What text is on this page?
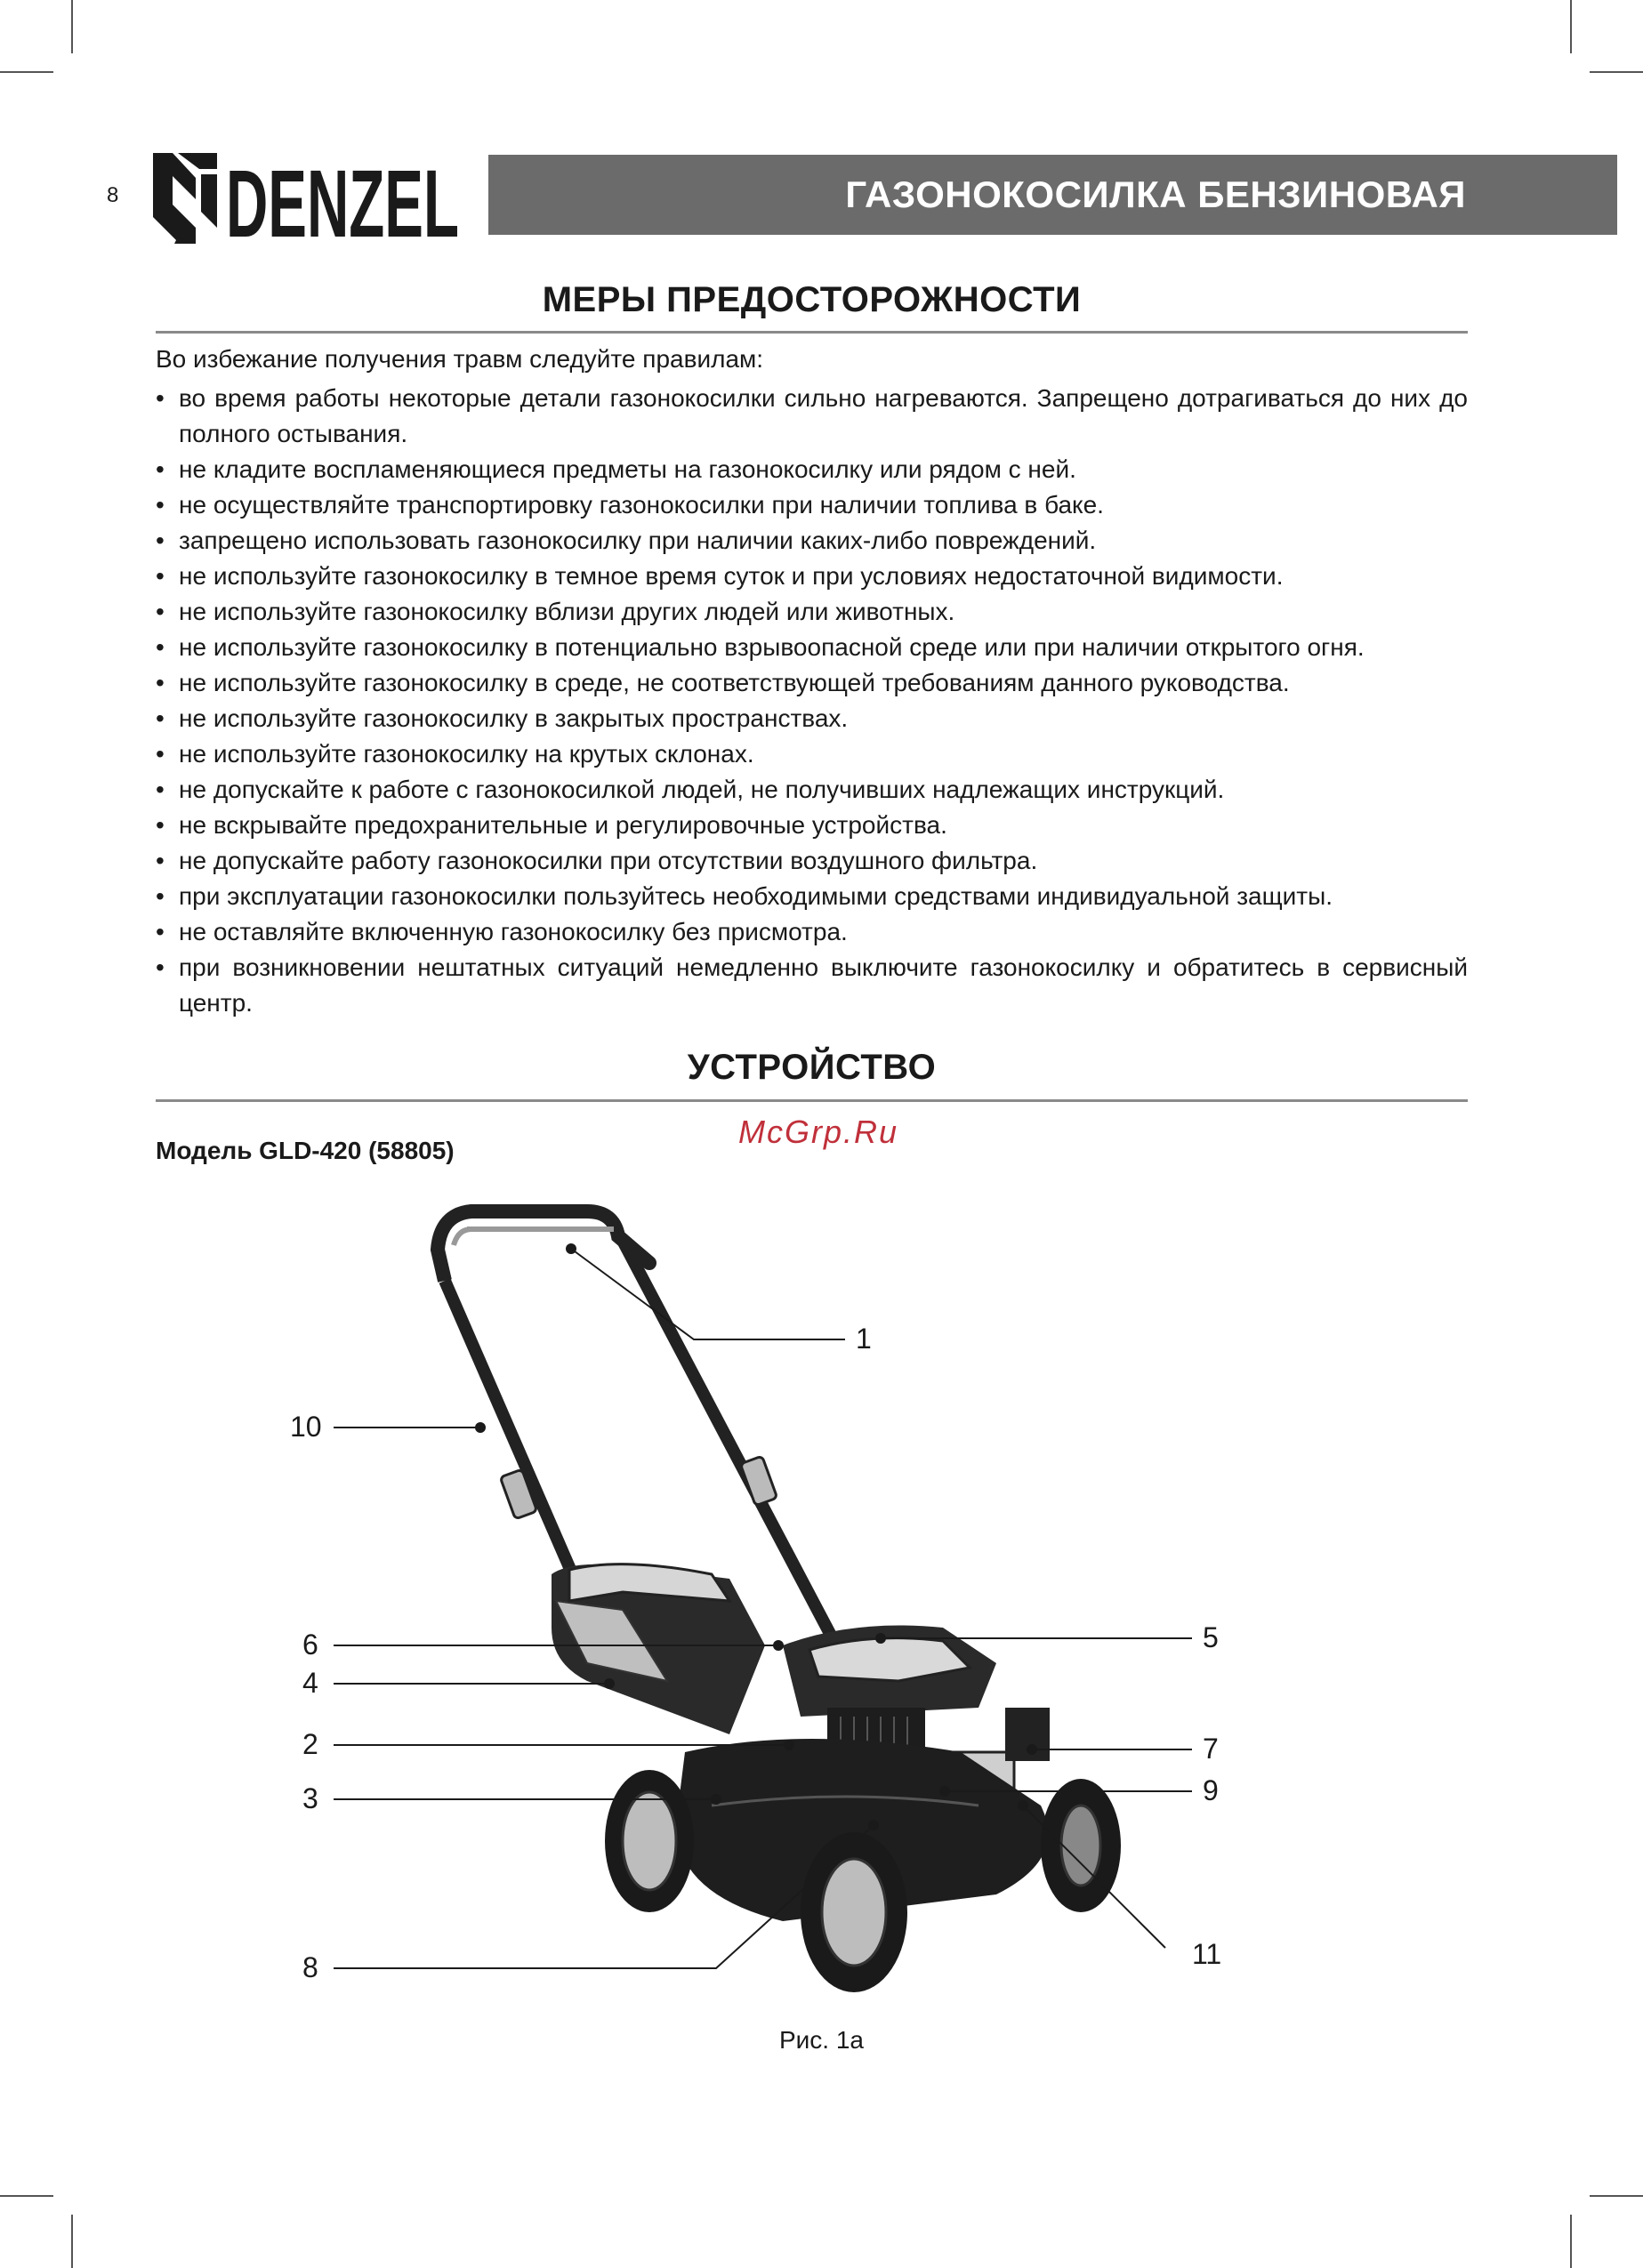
8 DENZEL	ГАЗОНОКОСИЛКА БЕНЗИНОВАЯ
МЕРЫ ПРЕДОСТОРОЖНОСТИ
Во избежание получения травм следуйте правилам:
• во время работы некоторые детали газонокосилки сильно нагреваются. Запрещено дотрагиваться до них до полного остывания.
• не кладите воспламеняющиеся предметы на газонокосилку или рядом с ней.
• не осуществляйте транспортировку газонокосилки при наличии топлива в баке.
• запрещено использовать газонокосилку при наличии каких-либо повреждений.
• не используйте газонокосилку в темное время суток и при условиях недостаточной видимости.
• не используйте газонокосилку вблизи других людей или животных.
• не используйте газонокосилку в потенциально взрывоопасной среде или при наличии открытого огня.
• не используйте газонокосилку в среде, не соответствующей требованиям данного руководства.
• не используйте газонокосилку в закрытых пространствах.
• не используйте газонокосилку на крутых склонах.
• не допускайте к работе с газонокосилкой людей, не получивших надлежащих инструкций.
• не вскрывайте предохранительные и регулировочные устройства.
• не допускайте работу газонокосилки при отсутствии воздушного фильтра.
• при эксплуатации газонокосилки пользуйтесь необходимыми средствами индивидуальной защиты.
• не оставляйте включенную газонокосилку без присмотра.
• при возникновении нештатных ситуаций немедленно выключите газонокосилку и обратитесь в сервисный центр.
УСТРОЙСТВО
Модель GLD-420 (58805)
McGrp.Ru
1
10
6
4
2
3
8
5
7
9
11
Рис. 1а
